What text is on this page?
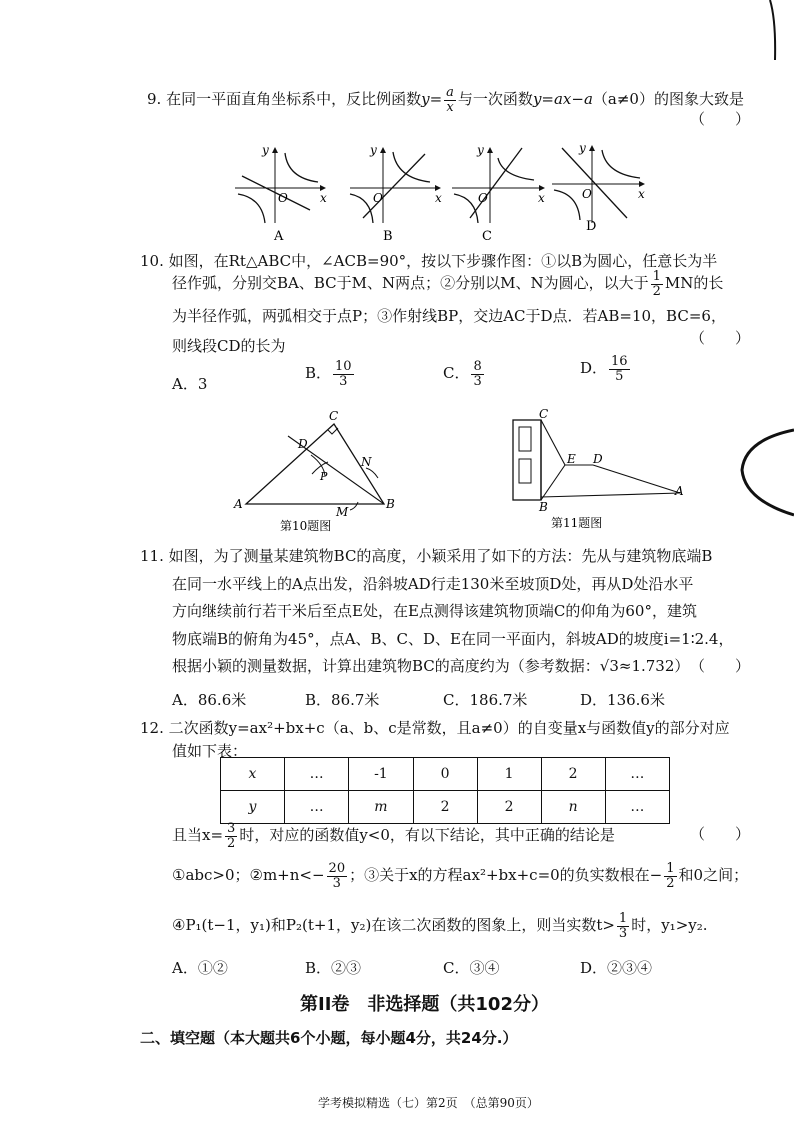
9. 在同一平面直角坐标系中，反比例函数$y= \frac{a}{x}$ 与一次函数y=ax−a（a≠0）的图象大致是
（　　）
y
O	x
A
y
O	x
B
y
O	x
C
y
O	x
D
10. 如图，在Rt△ABC中，∠ACB=90°，按以下步骤作图：①以B为圆心，任意长为半
径作弧，分别交BA、BC于M、N两点；②分别以M、N为圆心，以大于 $\frac{1}{2}$ MN的长
为半径作弧，两弧相交于点P；③作射线BP，交边AC于D点．若AB=10，BC=6，
则线段CD的长为	（　　）
A．3
B． $\frac{10}{3}$	C． $\frac{8}{3}$	D． $\frac{16}{5}$
C
D
N
P
A
M
B
第10题图
C
E D
B
A
第11题图
11. 如图，为了测量某建筑物BC的高度，小颖采用了如下的方法：先从与建筑物底端B
在同一水平线上的A点出发，沿斜坡AD行走130米至坡顶D处，再从D处沿水平
方向继续前行若干米后至点E处，在E点测得该建筑物顶端C的仰角为60°，建筑
物底端B的俯角为45°，点A、B、C、D、E在同一平面内，斜坡AD的坡度i=1∶2.4，
根据小颖的测量数据，计算出建筑物BC的高度约为（参考数据：√3≈1.732） （　　）
A．86.6米	B．86.7米	C．186.7米	D．136.6米
12. 二次函数y=ax²+bx+c（a、b、c是常数，且a≠0）的自变量x与函数值y的部分对应
值如下表：
x	…	-1	0	1	2	…
y	…	m	2	2	n	…
且当$x= \frac{3}{2}$ 时，对应的函数值y<0，有以下结论，其中正确的结论是	（　　）
①abc>0；②m+n<− $\frac{20}{3}$ ；③关于x的方程ax²+bx+c=0的负实数根在− $\frac{1}{2}$ 和0之间；
④P₁(t−1，y₁)和P₂(t+1，y₂)在该二次函数的图象上，则当实数$t> \frac{1}{3}$ 时，y₁>y₂.
A．①②	B．②③	C．③④	D．②③④
第II卷　非选择题（共102分）
二、填空题（本大题共6个小题，每小题4分，共24分.）
学考模拟精选（七）第2页　（总第90页）
